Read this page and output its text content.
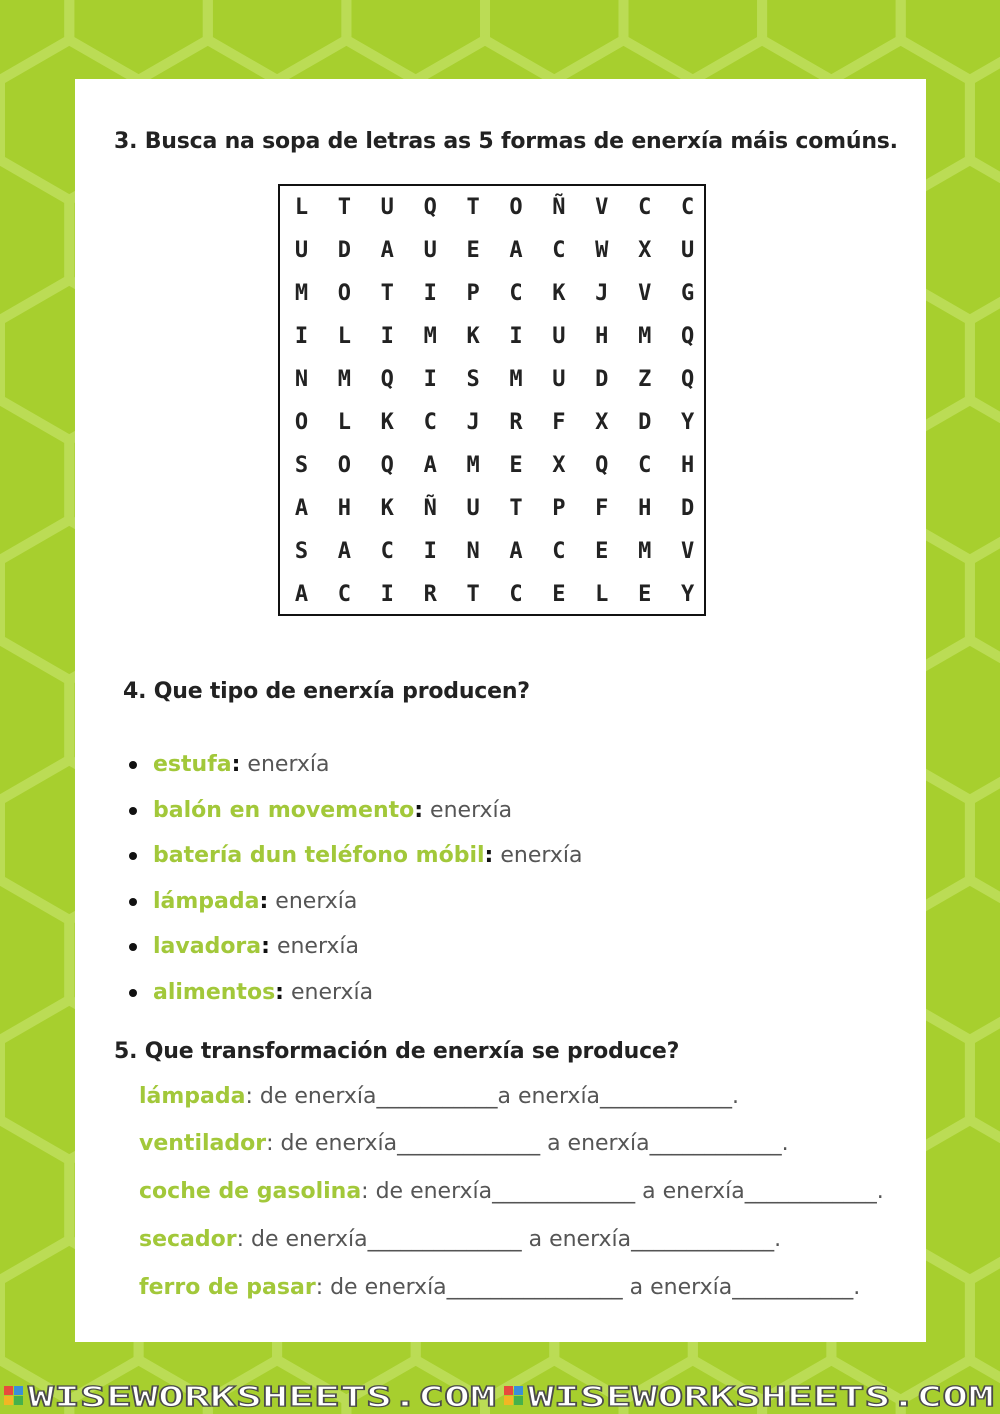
3. Busca na sopa de letras as 5 formas de enerxía máis comúns.
L	T	U	Q	T	O	Ñ	V	C	C
U	D	A	U	E	A	C	W	X	U
M	O	T	I	P	C	K	J	V	G
I	L	I	M	K	I	U	H	M	Q
N	M	Q	I	S	M	U	D	Z	Q
O	L	K	C	J	R	F	X	D	Y
S	O	Q	A	M	E	X	Q	C	H
A	H	K	Ñ	U	T	P	F	H	D
S	A	C	I	N	A	C	E	M	V
A	C	I	R	T	C	E	L	E	Y
4. Que tipo de enerxía producen?
estufa: enerxía
balón en movemento: enerxía
batería dun teléfono móbil: enerxía
lámpada: enerxía
lavadora: enerxía
alimentos: enerxía
5. Que transformación de enerxía se produce?
lámpada: de enerxía___________a enerxía____________.
ventilador: de enerxía_____________ a enerxía____________.
coche de gasolina: de enerxía_____________ a enerxía____________.
secador: de enerxía______________ a enerxía_____________.
ferro de pasar: de enerxía________________ a enerxía___________.
WISEWORKSHEETS.COM WISEWORKSHEETS.COM
